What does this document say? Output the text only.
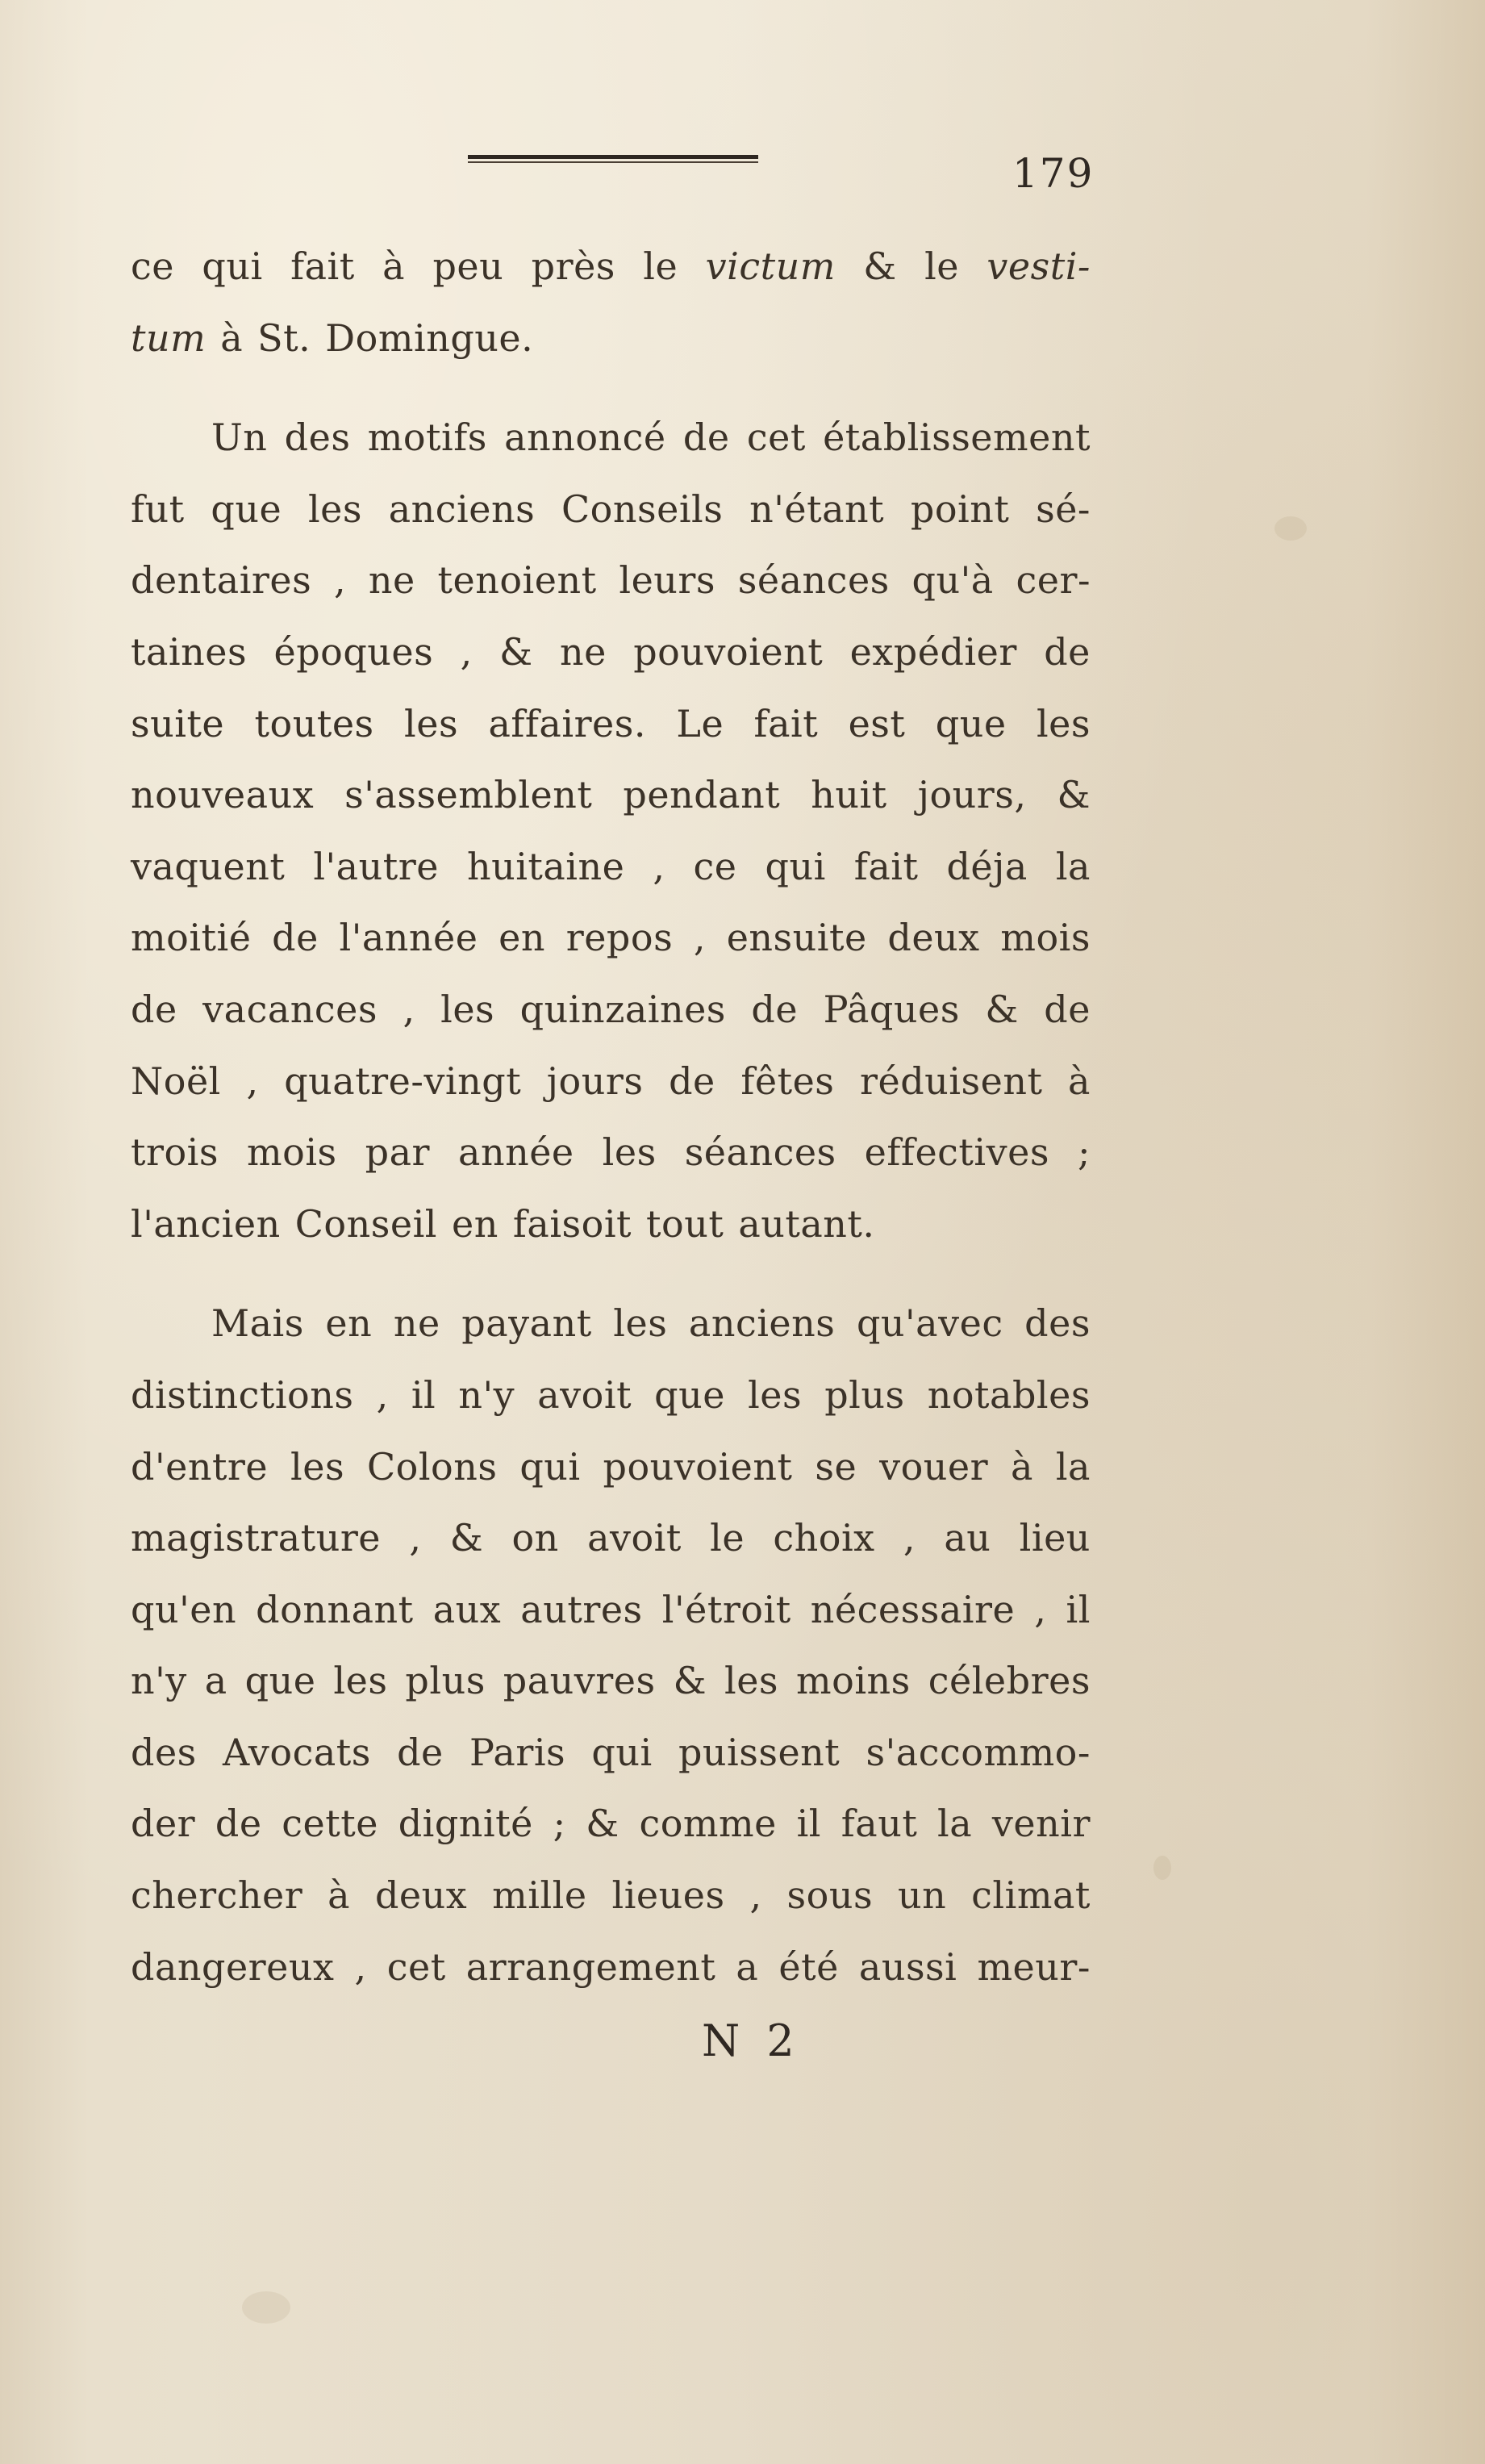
179
ce qui fait à peu près le victum & le vesti-
tum à St. Domingue.
Un des motifs annoncé de cet établissement
fut que les anciens Conseils n'étant point sé-
dentaires , ne tenoient leurs séances qu'à cer-
taines époques , & ne pouvoient expédier de
suite toutes les affaires. Le fait est que les
nouveaux s'assemblent pendant huit jours, &
vaquent l'autre huitaine , ce qui fait déja la
moitié de l'année en repos , ensuite deux mois
de vacances , les quinzaines de Pâques & de
Noël , quatre-vingt jours de fêtes réduisent à
trois mois par année les séances effectives ;
l'ancien Conseil en faisoit tout autant.
Mais en ne payant les anciens qu'avec des
distinctions , il n'y avoit que les plus notables
d'entre les Colons qui pouvoient se vouer à la
magistrature , & on avoit le choix , au lieu
qu'en donnant aux autres l'étroit nécessaire , il
n'y a que les plus pauvres & les moins célebres
des Avocats de Paris qui puissent s'accommo-
der de cette dignité ; & comme il faut la venir
chercher à deux mille lieues , sous un climat
dangereux , cet arrangement a été aussi meur-
N 2
